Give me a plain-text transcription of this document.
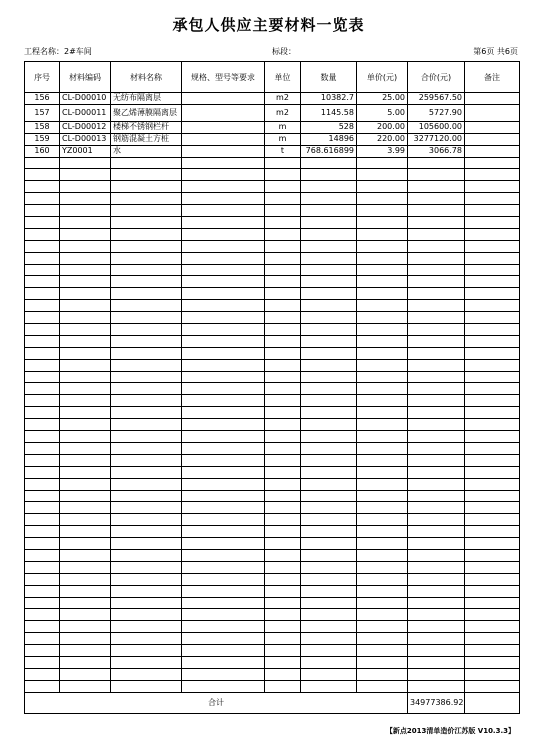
承包人供应主要材料一览表
工程名称：2#车间	标段：	第6页 共6页
序号	材料编码	材料名称	规格、型号等要求	单位	数量	单价(元)	合价(元)	备注
156	CL-D00010	无纺布隔离层		m2	10382.7	25.00	259567.50	
157	CL-D00011	聚乙烯薄膜隔离层		m2	1145.58	5.00	5727.90	
158	CL-D00012	楼梯不锈钢栏杆		m	528	200.00	105600.00	
159	CL-D00013	钢筋混凝土方桩		m	14896	220.00	3277120.00	
160	YZ0001	水		t	768.616899	3.99	3066.78	

合计							34977386.92	
【新点2013清单造价江苏版 V10.3.3】
